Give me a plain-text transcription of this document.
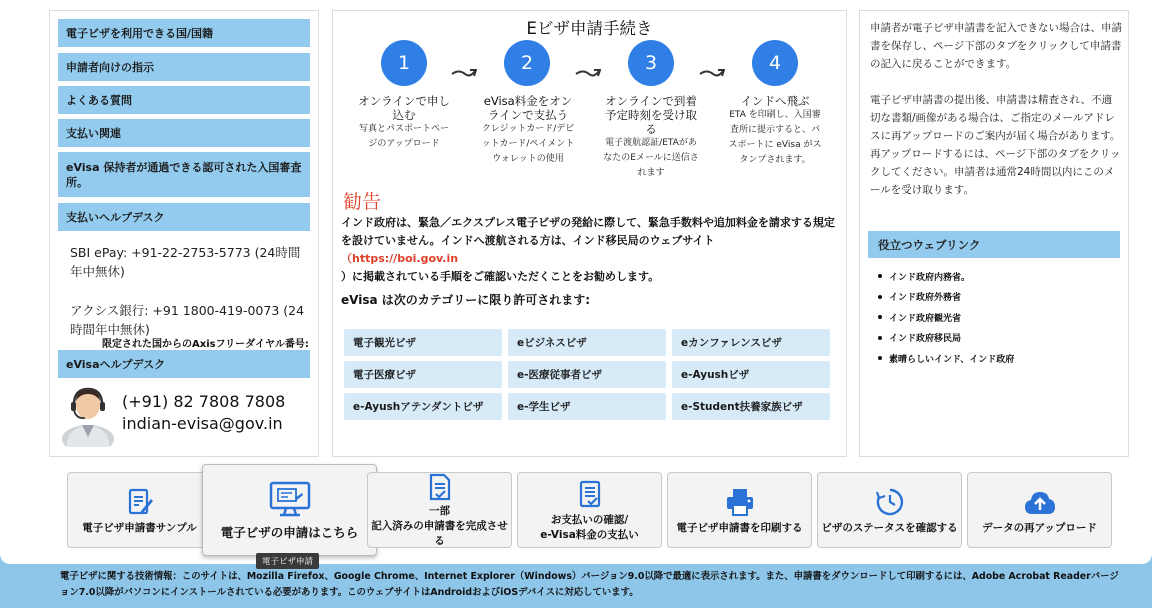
電子ビザを利用できる国/国籍
申請者向けの指示
よくある質問
支払い関連
eVisa 保持者が通過できる認可された入国審査所。
支払いヘルプデスク
SBI ePay: +91-22-2753-5773 (24時間年中無休)
アクシス銀行: +91 1800-419-0073 (24時間年中無休)
限定された国からのAxisフリーダイヤル番号:
eVisaヘルプデスク
(+91) 82 7808 7808
indian-evisa@gov.in
Eビザ申請手続き
1	2	3	4
オンラインで申し込む
写真とパスポートページのアップロード
eVisa料金をオンラインで支払う
クレジットカード/デビットカード/ペイメントウォレットの使用
オンラインで到着予定時刻を受け取る
電子渡航認証/ETAがあなたのEメールに送信されます
インドへ飛ぶ
ETA を印刷し、入国審査所に提示すると、パスポートに eVisa がスタンプされます。
勧告
インド政府は、緊急／エクスプレス電子ビザの発給に際して、緊急手数料や追加料金を請求する規定を設けていません。インドへ渡航される方は、インド移民局のウェブサイト
（https://boi.gov.in
）に掲載されている手順をご確認いただくことをお勧めします。
eVisa は次のカテゴリーに限り許可されます:
電子観光ビザ	eビジネスビザ	eカンファレンスビザ
電子医療ビザ	e-医療従事者ビザ	e-Ayushビザ
e-Ayushアテンダントビザ	e-学生ビザ	e-Student扶養家族ビザ
申請者が電子ビザ申請書を記入できない場合は、申請書を保存し、ページ下部のタブをクリックして申請書の記入に戻ることができます。
電子ビザ申請書の提出後、申請書は精査され、不適切な書類/画像がある場合は、ご指定のメールアドレスに再アップロードのご案内が届く場合があります。再アップロードするには、ページ下部のタブをクリックしてください。申請者は通常24時間以内にこのメールを受け取ります。
役立つウェブリンク
インド政府内務省。
インド政府外務省
インド政府観光省
インド政府移民局
素晴らしいインド、インド政府
電子ビザ申請書サンプル 電子ビザの申請はこちら
電子ビザ申請
一部
記入済みの申請書を完成させる
お支払いの確認/
e-Visa料金の支払い
電子ビザ申請書を印刷する ビザのステータスを確認する データの再アップロード
電子ビザに関する技術情報：このサイトは、Mozilla Firefox、Google Chrome、Internet Explorer（Windows）バージョン9.0以降で最適に表示されます。また、申請書をダウンロードして印刷するには、Adobe Acrobat Readerバージョン7.0以降がパソコンにインストールされている必要があります。このウェブサイトはAndroidおよびiOSデバイスに対応しています。
